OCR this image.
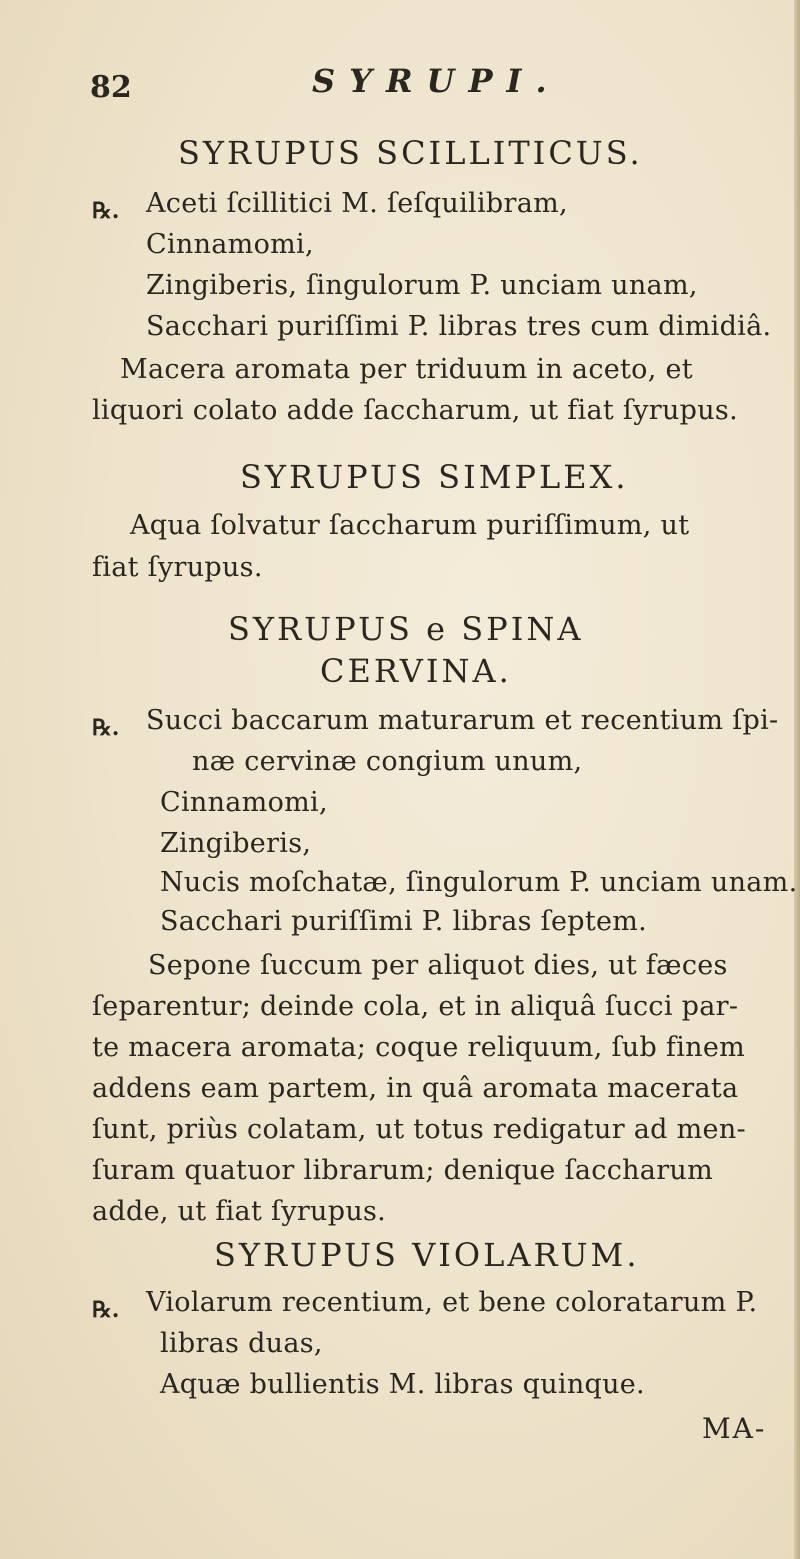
82	SYRUPI.
SYRUPUS SCILLITICUS.
℞. Aceti ſcillitici M. ſeſquilibram,
Cinnamomi,
Zingiberis, ſingulorum P. unciam unam,
Sacchari puriſſimi P. libras tres cum dimidiâ.
Macera aromata per triduum in aceto, et
liquori colato adde ſaccharum, ut fiat ſyrupus.
SYRUPUS SIMPLEX.
Aqua ſolvatur ſaccharum puriſſimum, ut
fiat ſyrupus.
SYRUPUS e SPINA
CERVINA.
℞. Succi baccarum maturarum et recentium ſpi-
næ cervinæ congium unum,
Cinnamomi,
Zingiberis,
Nucis moſchatæ, ſingulorum P. unciam unam.
Sacchari puriſſimi P. libras ſeptem.
Sepone ſuccum per aliquot dies, ut fæces
ſeparentur; deinde cola, et in aliquâ ſucci par-
te macera aromata; coque reliquum, ſub finem
addens eam partem, in quâ aromata macerata
ſunt, priùs colatam, ut totus redigatur ad men-
ſuram quatuor librarum; denique ſaccharum
adde, ut fiat ſyrupus.
SYRUPUS VIOLARUM.
℞. Violarum recentium, et bene coloratarum P.
libras duas,
Aquæ bullientis M. libras quinque.
MA-
